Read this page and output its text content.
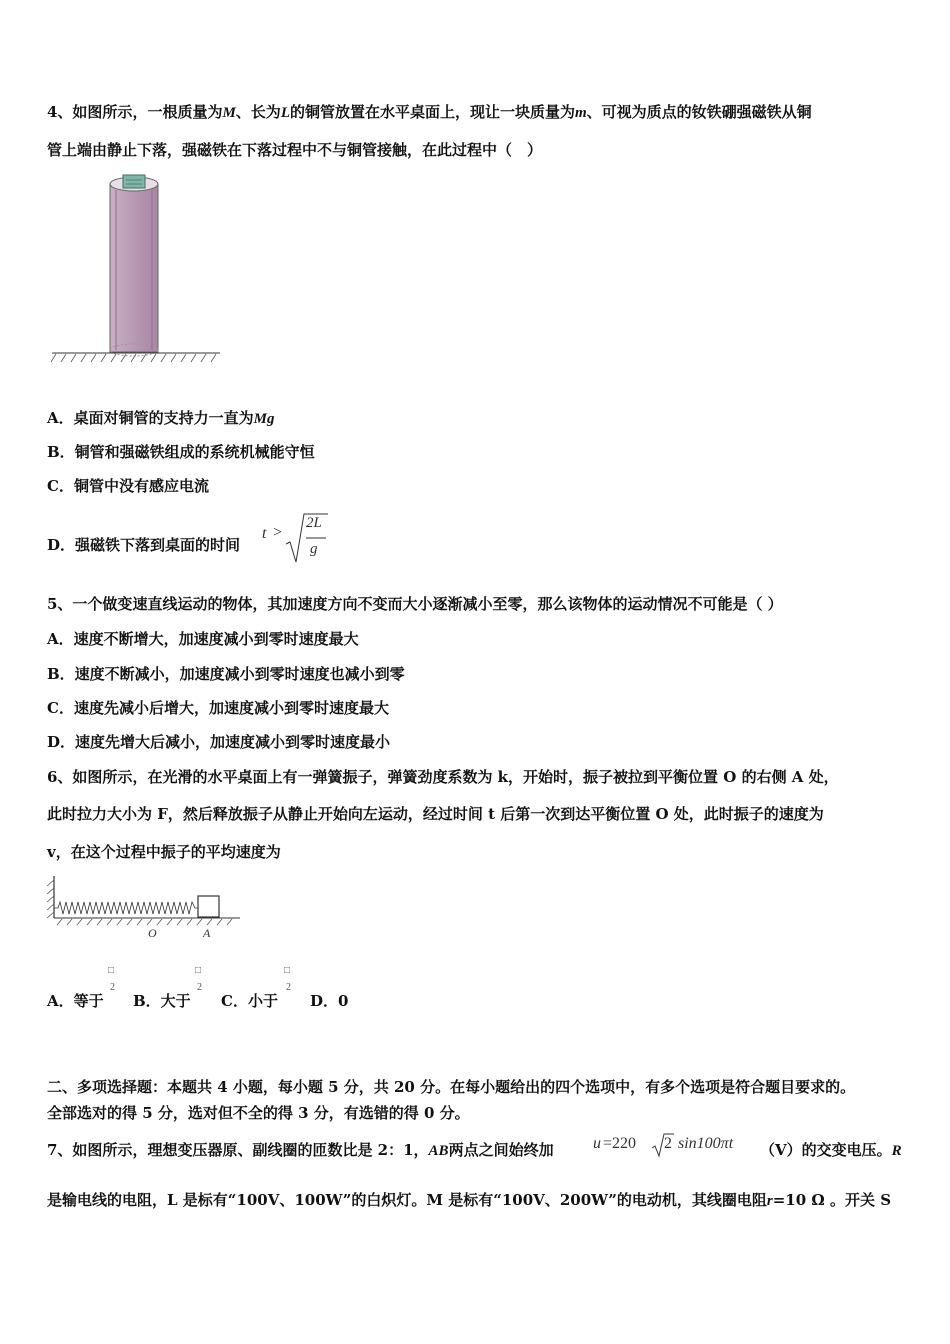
4、如图所示，一根质量为M、长为L的铜管放置在水平桌面上，现让一块质量为m、可视为质点的钕铁硼强磁铁从铜
管上端由静止下落，强磁铁在下落过程中不与铜管接触，在此过程中（　）
A．桌面对铜管的支持力一直为Mg
B．铜管和强磁铁组成的系统机械能守恒
C．铜管中没有感应电流
D．强磁铁下落到桌面的时间
t >
2L
g
5、一个做变速直线运动的物体，其加速度方向不变而大小逐渐减小至零，那么该物体的运动情况不可能是（ ）
A．速度不断增大，加速度减小到零时速度最大
B．速度不断减小，加速度减小到零时速度也减小到零
C．速度先减小后增大，加速度减小到零时速度最大
D．速度先增大后减小，加速度减小到零时速度最小
6、如图所示，在光滑的水平桌面上有一弹簧振子，弹簧劲度系数为 k，开始时，振子被拉到平衡位置 O 的右侧 A 处，
此时拉力大小为 F，然后释放振子从静止开始向左运动，经过时间 t 后第一次到达平衡位置 O 处，此时振子的速度为
v，在这个过程中振子的平均速度为
O	A
A．等于
□
2
B．大于
□
2
C．小于
□
2
D．0
二、多项选择题：本题共 4 小题，每小题 5 分，共 20 分。在每小题给出的四个选项中，有多个选项是符合题目要求的。
全部选对的得 5 分，选对但不全的得 3 分，有选错的得 0 分。
7、如图所示，理想变压器原、副线圈的匝数比是 2：1，AB两点之间始终加 u =220 2 sin100πt （V）的交变电压。R
是输电线的电阻，L 是标有“100V、100W”的白炽灯。M 是标有“100V、200W”的电动机，其线圈电阻r=10 Ω 。开关 S
